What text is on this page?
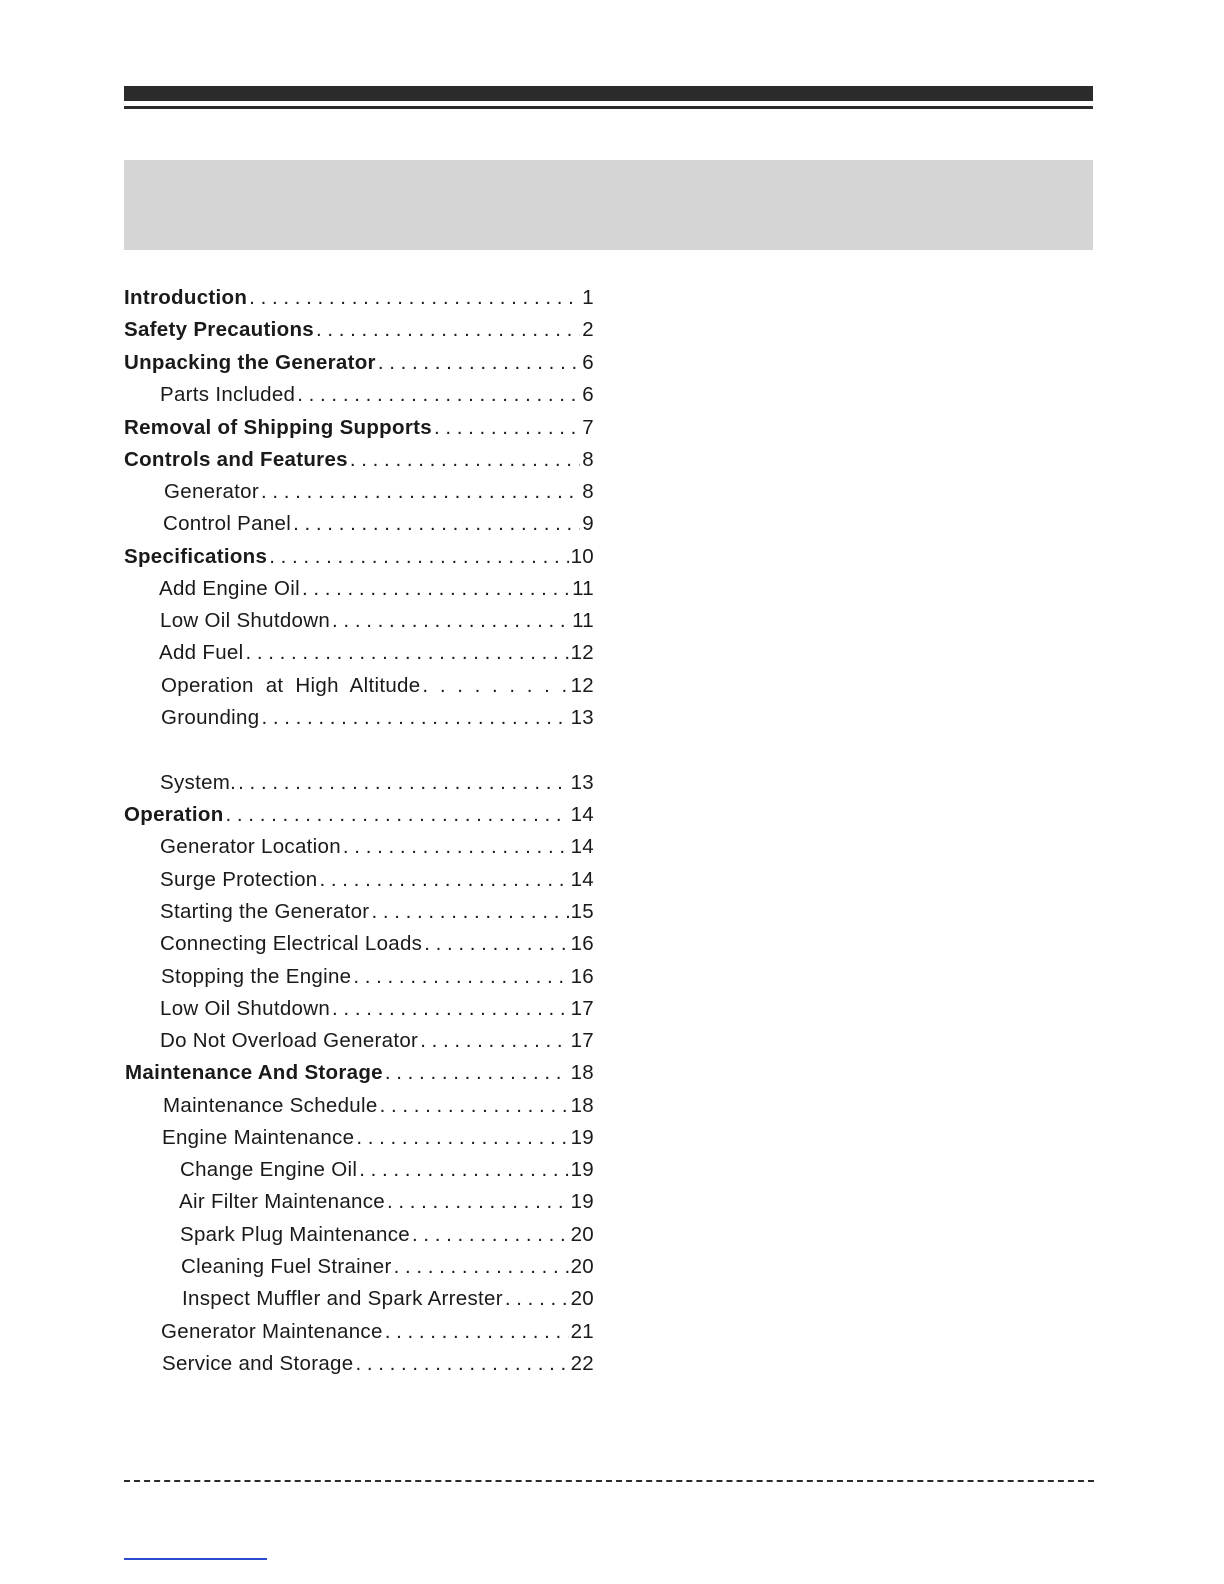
Introduction . . .	1
Safety Precautions . . .	2
Unpacking the Generator . . .	6
Parts Included . . .	6
Removal of Shipping Supports . . .	7
Controls and Features . . .	8
Generator . . .	8
Control Panel . . .	9
Specifications . . .	10
Add Engine Oil . . .	11
Low Oil Shutdown . . .	11
Add Fuel . . .	12
Operation at High Altitude . . .	12
Grounding . . .	13
System. . . .	13
Operation . . .	14
Generator Location . . .	14
Surge Protection . . .	14
Starting the Generator . . .	15
Connecting Electrical Loads . . .	16
Stopping the Engine . . .	16
Low Oil Shutdown . . .	17
Do Not Overload Generator . . .	17
Maintenance And Storage . . .	18
Maintenance Schedule . . .	18
Engine Maintenance . . .	19
Change Engine Oil . . .	19
Air Filter Maintenance . . .	19
Spark Plug Maintenance . . .	20
Cleaning Fuel Strainer . . .	20
Inspect Muffler and Spark Arrester . . .	20
Generator Maintenance . . .	21
Service and Storage . . .	22
